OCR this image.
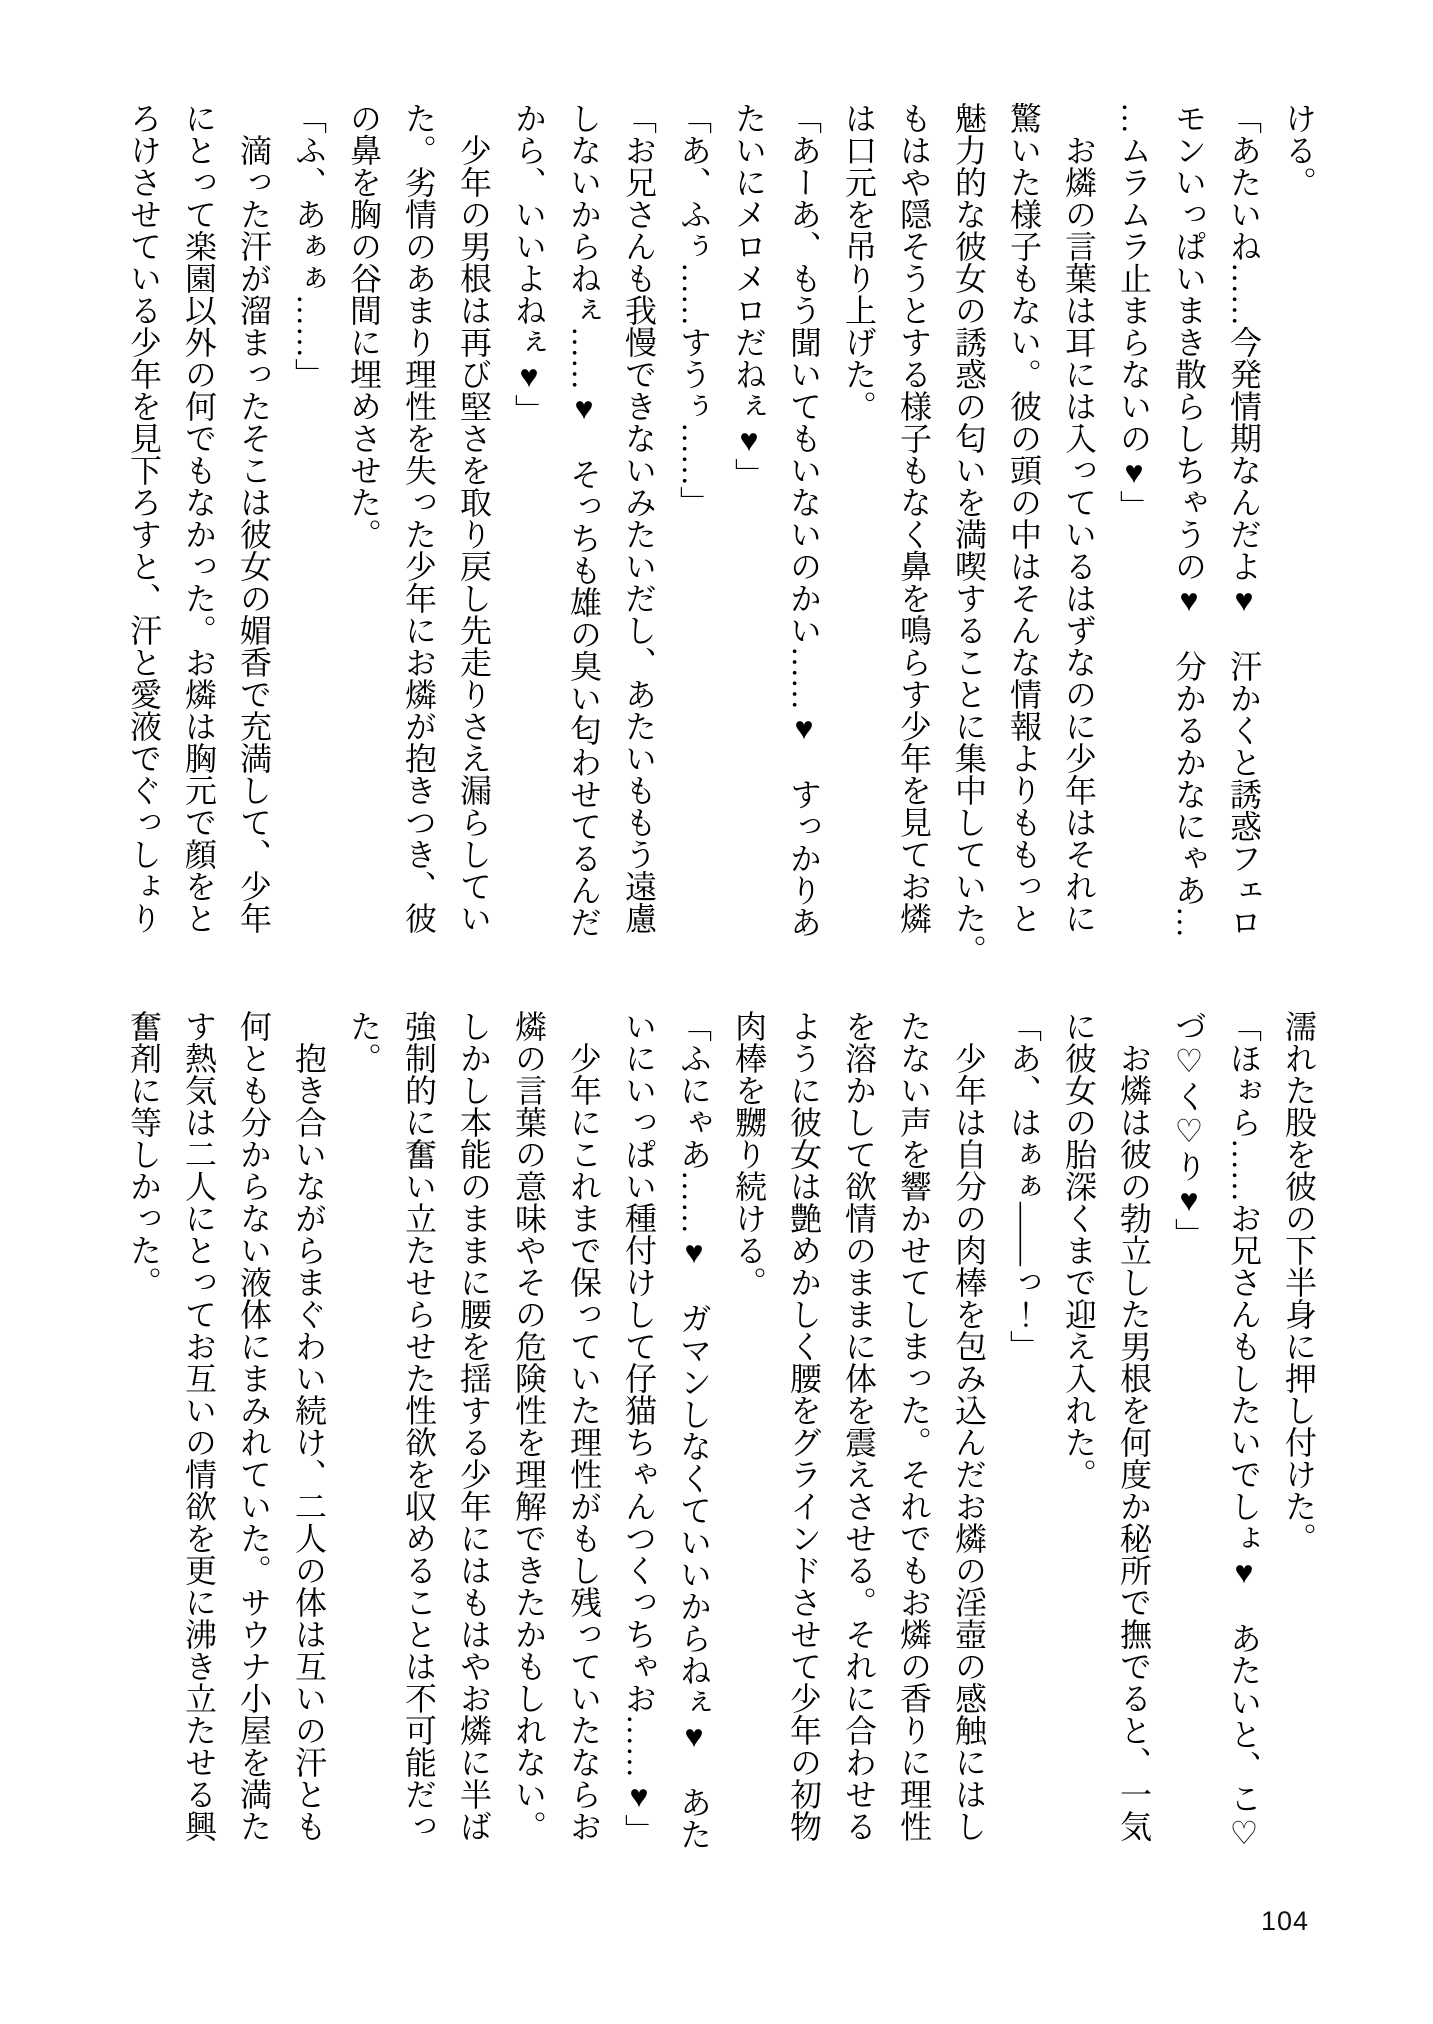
ける。

「あたいね……今発情期なんだよ♥　汗かくと誘惑フェロ

モンいっぱいまき散らしちゃうの♥　分かるかなにゃあ…

…ムラムラ止まらないの♥」

　お燐の言葉は耳には入っているはずなのに少年はそれに

驚いた様子もない。彼の頭の中はそんな情報よりももっと

魅力的な彼女の誘惑の匂いを満喫することに集中していた。

もはや隠そうとする様子もなく鼻を鳴らす少年を見てお燐

は口元を吊り上げた。

「あーあ、もう聞いてもいないのかい……♥　すっかりあ

たいにメロメロだねぇ♥」

「あ、ふぅ……すうぅ……」

「お兄さんも我慢できないみたいだし、あたいももう遠慮

しないからねぇ……♥　そっちも雄の臭い匂わせてるんだ

から、いいよねぇ♥」

　少年の男根は再び堅さを取り戻し先走りさえ漏らしてい

た。劣情のあまり理性を失った少年にお燐が抱きつき、彼

の鼻を胸の谷間に埋めさせた。

「ふ、あぁぁ……」

　滴った汗が溜まったそこは彼女の媚香で充満して、少年

にとって楽園以外の何でもなかった。お燐は胸元で顔をと

ろけさせている少年を見下ろすと、汗と愛液でぐっしょり

濡れた股を彼の下半身に押し付けた。

「ほぉら……お兄さんもしたいでしょ♥　あたいと、こ♡

づ♡く♡り♥」

　お燐は彼の勃立した男根を何度か秘所で撫でると、一気

に彼女の胎深くまで迎え入れた。

「あ、はぁぁ――っ！」

　少年は自分の肉棒を包み込んだお燐の淫壺の感触にはし

たない声を響かせてしまった。それでもお燐の香りに理性

を溶かして欲情のままに体を震えさせる。それに合わせる

ように彼女は艶めかしく腰をグラインドさせて少年の初物

肉棒を嬲り続ける。

「ふにゃあ……♥　ガマンしなくていいからねぇ♥　あた

いにいっぱい種付けして仔猫ちゃんつくっちゃお……♥」

　少年にこれまで保っていた理性がもし残っていたならお

燐の言葉の意味やその危険性を理解できたかもしれない。

しかし本能のままに腰を揺する少年にはもはやお燐に半ば

強制的に奮い立たせらせた性欲を収めることは不可能だっ

た。

　抱き合いながらまぐわい続け、二人の体は互いの汗とも

何とも分からない液体にまみれていた。サウナ小屋を満た

す熱気は二人にとってお互いの情欲を更に沸き立たせる興

奮剤に等しかった。

104
